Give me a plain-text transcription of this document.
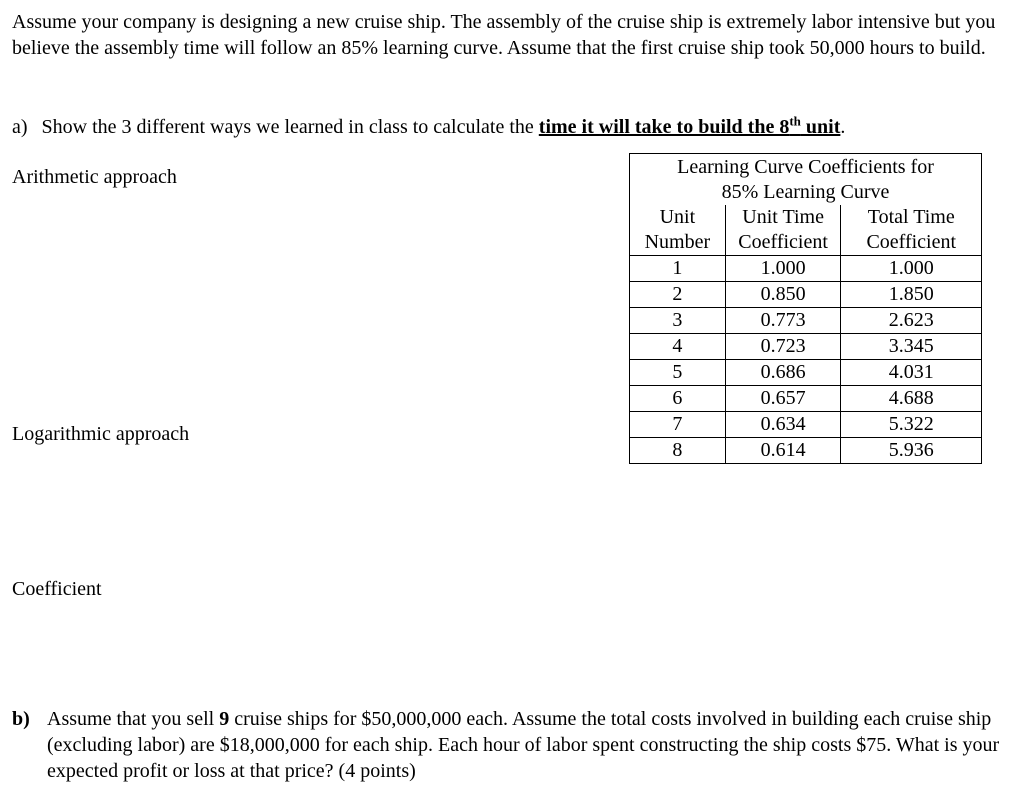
Assume your company is designing a new cruise ship. The assembly of the cruise ship is extremely labor intensive but you believe the assembly time will follow an 85% learning curve. Assume that the first cruise ship took 50,000 hours to build.

a) Show the 3 different ways we learned in class to calculate the time it will take to build the 8th unit.

Arithmetic approach

Logarithmic approach

Coefficient

Learning Curve Coefficients for
85% Learning Curve		

Unit	Unit Time	Total Time
Number	Coefficient	Coefficient
1	1.000	1.000
2	0.850	1.850
3	0.773	2.623
4	0.723	3.345
5	0.686	4.031
6	0.657	4.688
7	0.634	5.322
8	0.614	5.936

b) Assume that you sell 9 cruise ships for $50,000,000 each. Assume the total costs involved in building each cruise ship (excluding labor) are $18,000,000 for each ship. Each hour of labor spent constructing the ship costs $75. What is your expected profit or loss at that price? (4 points)
